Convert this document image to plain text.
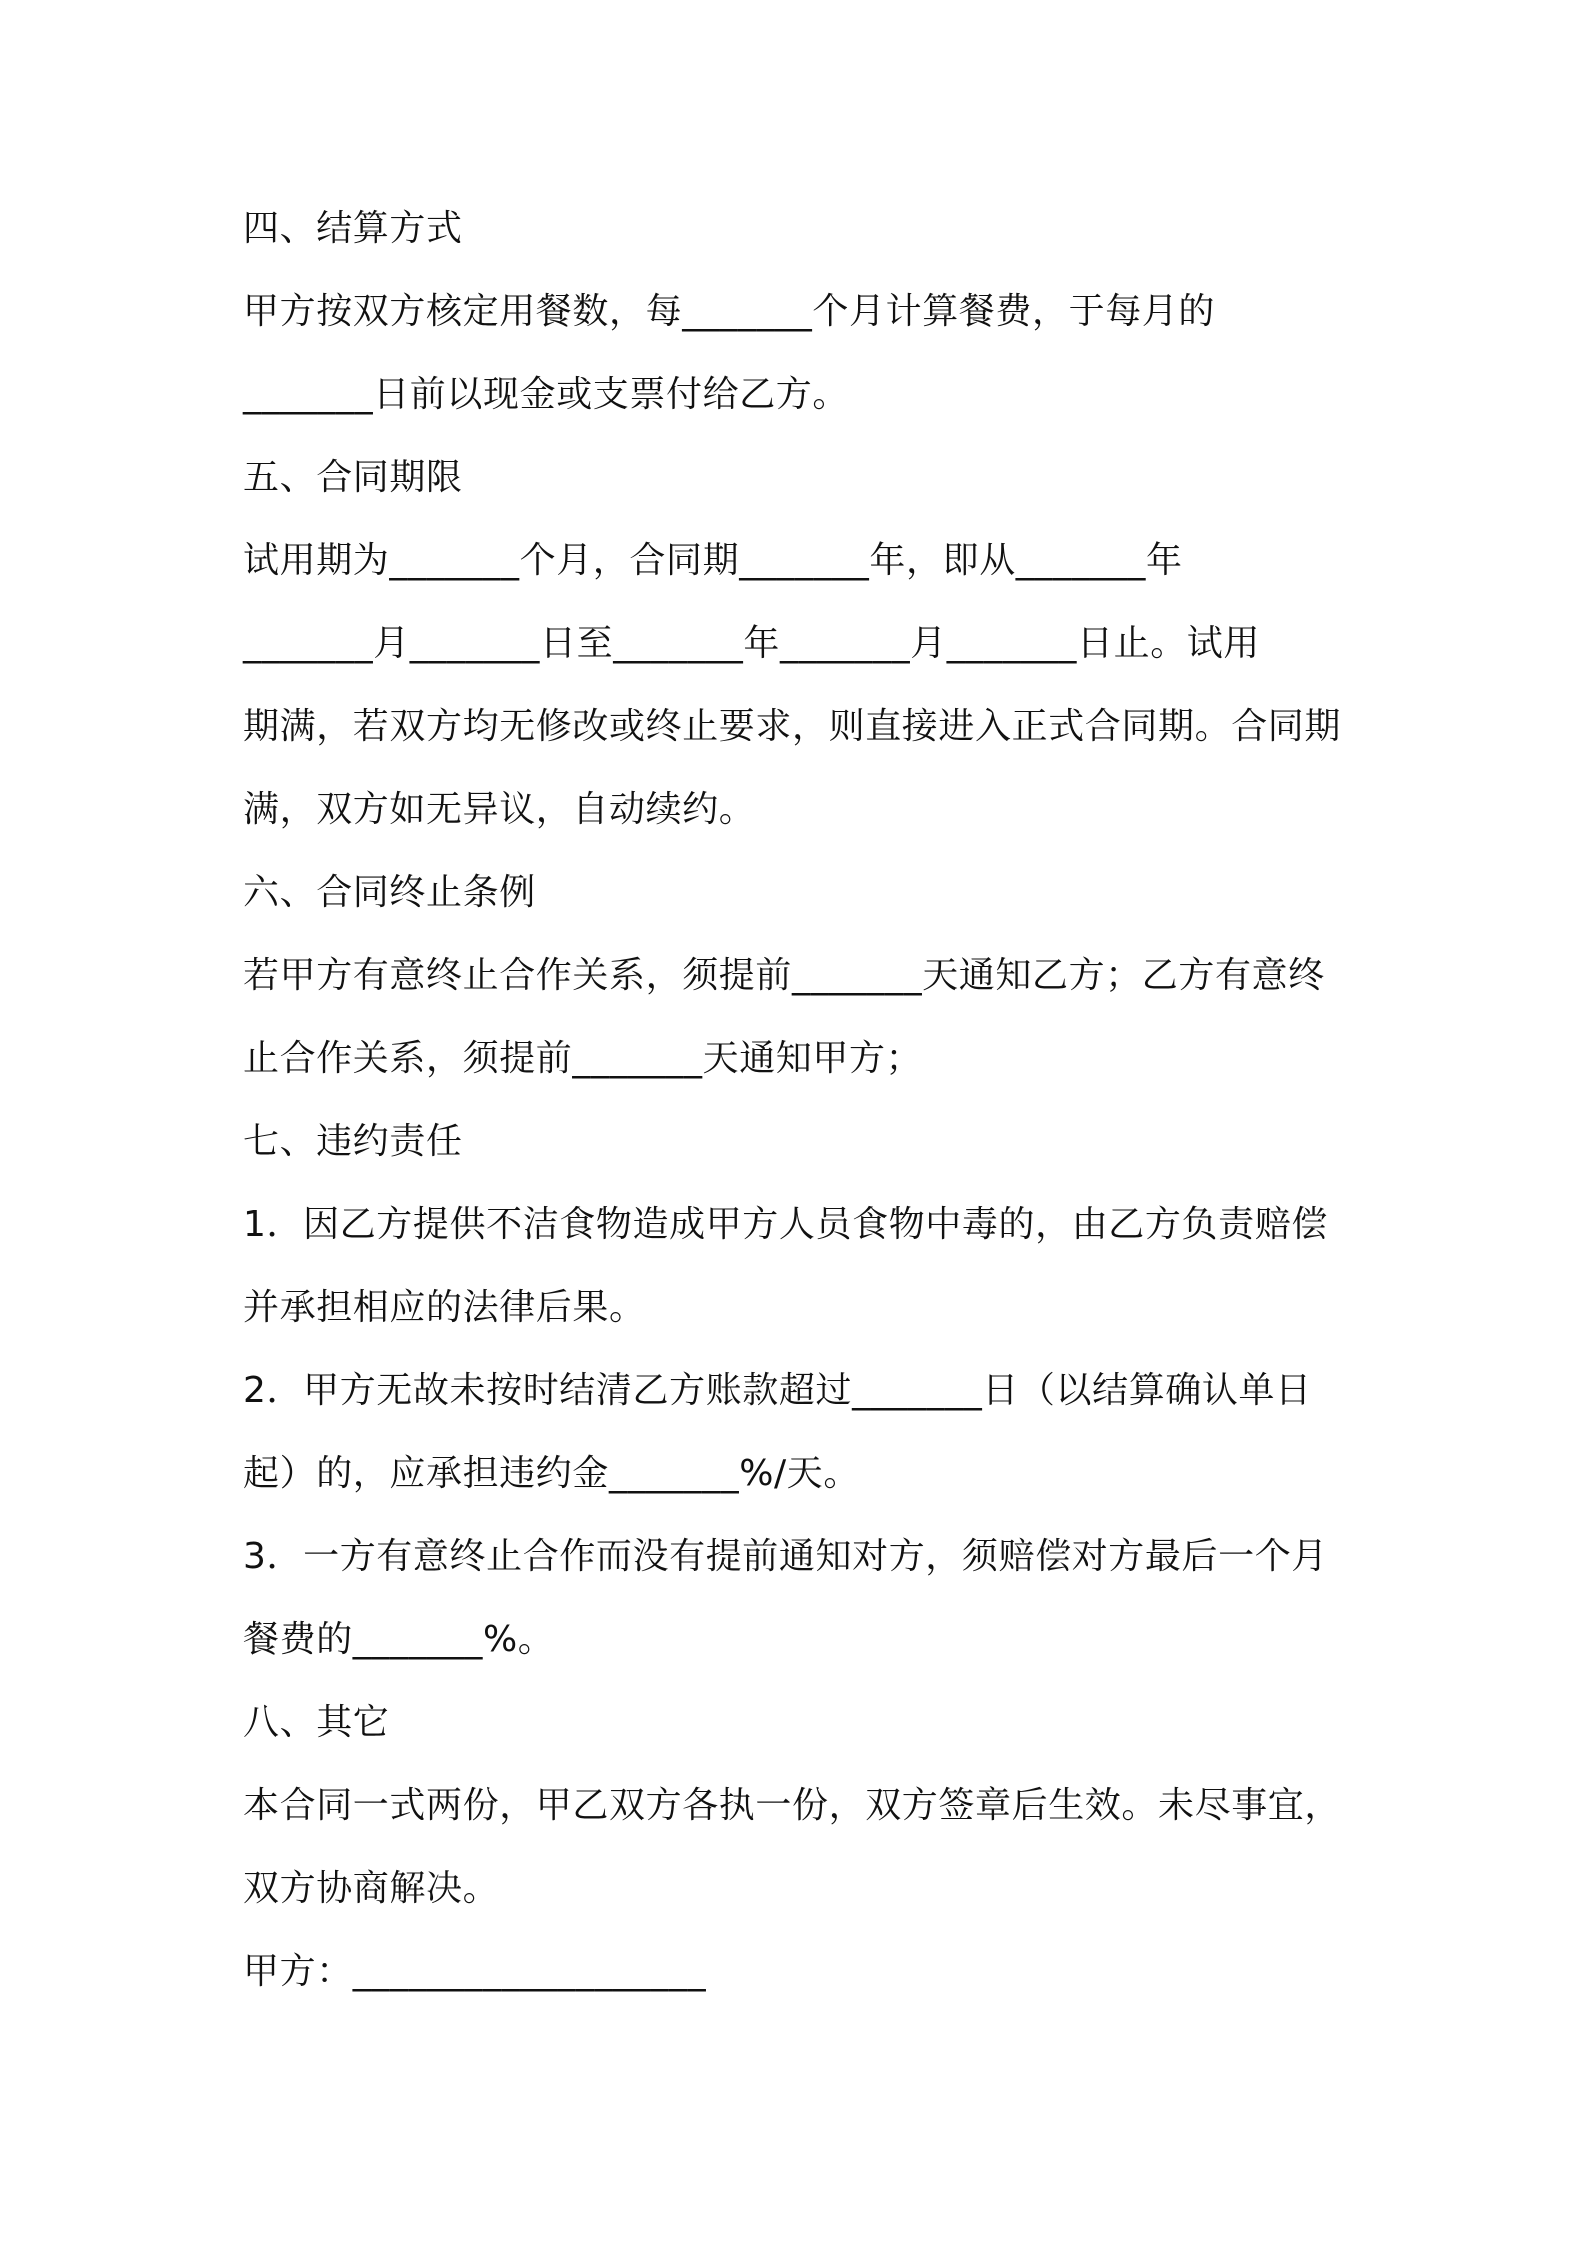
四、结算方式
甲方按双方核定用餐数，每_______个月计算餐费，于每月的
_______日前以现金或支票付给乙方。
五、合同期限
试用期为_______个月，合同期_______年，即从_______年
_______月_______日至_______年_______月_______日止。试用
期满，若双方均无修改或终止要求，则直接进入正式合同期。合同期
满，双方如无异议，自动续约。
六、合同终止条例
若甲方有意终止合作关系，须提前_______天通知乙方；乙方有意终
止合作关系，须提前_______天通知甲方；
七、违约责任
1．因乙方提供不洁食物造成甲方人员食物中毒的，由乙方负责赔偿
并承担相应的法律后果。
2．甲方无故未按时结清乙方账款超过_______日（以结算确认单日
起）的，应承担违约金_______%/天。
3．一方有意终止合作而没有提前通知对方，须赔偿对方最后一个月
餐费的_______%。
八、其它
本合同一式两份，甲乙双方各执一份，双方签章后生效。未尽事宜，
双方协商解决。
甲方：___________________
